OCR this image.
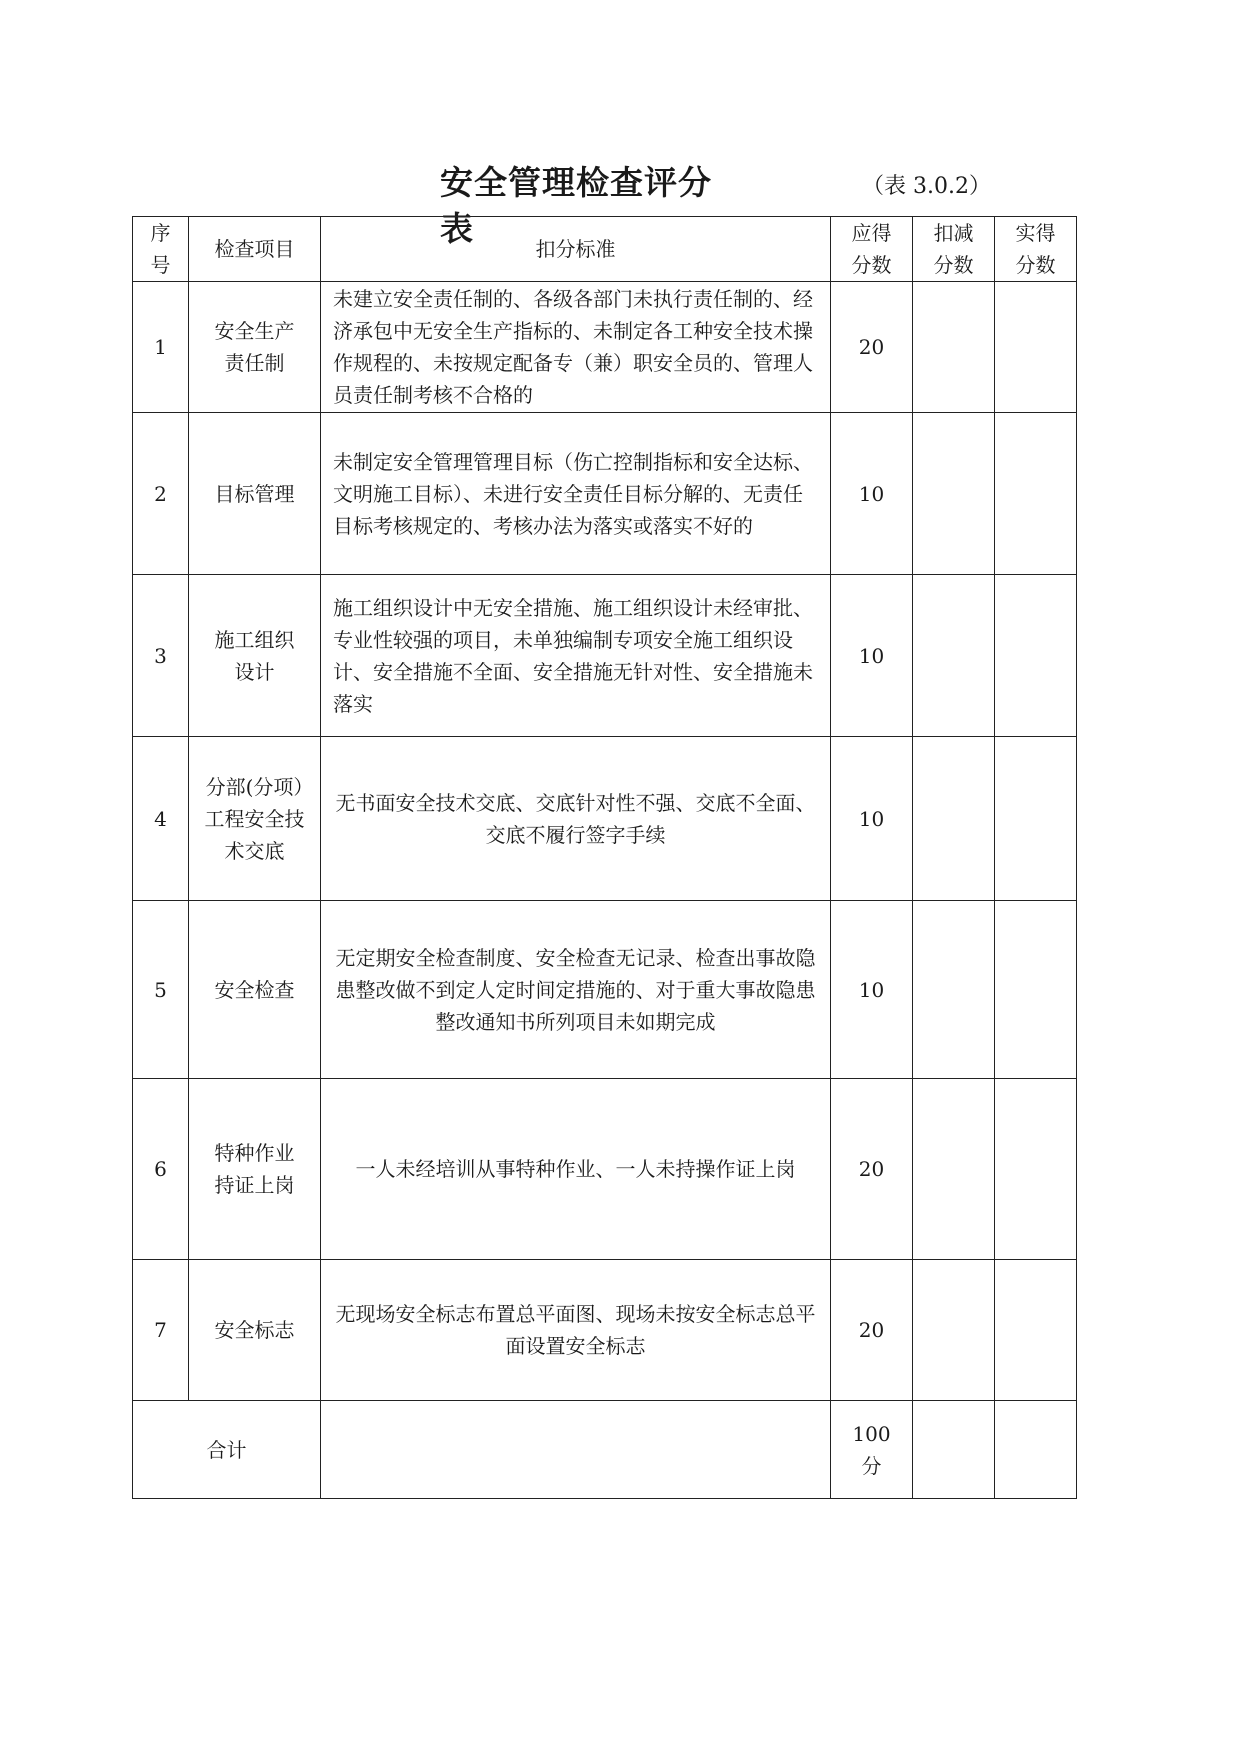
安全管理检查评分表
（表 3.0.2）
序号	检查项目	扣分标准	应得分数	扣减分数	实得分数
1	安全生产责任制	未建立安全责任制的、各级各部门未执行责任制的、经济承包中无安全生产指标的、未制定各工种安全技术操作规程的、未按规定配备专（兼）职安全员的、管理人员责任制考核不合格的	20		
2	目标管理	未制定安全管理管理目标（伤亡控制指标和安全达标、文明施工目标）、未进行安全责任目标分解的、无责任目标考核规定的、考核办法为落实或落实不好的	10		
3	施工组织设计	施工组织设计中无安全措施、施工组织设计未经审批、专业性较强的项目，未单独编制专项安全施工组织设计、安全措施不全面、安全措施无针对性、安全措施未落实	10		
4	分部(分项）工程安全技术交底	无书面安全技术交底、交底针对性不强、交底不全面、交底不履行签字手续	10		
5	安全检查	无定期安全检查制度、安全检查无记录、检查出事故隐患整改做不到定人定时间定措施的、对于重大事故隐患整改通知书所列项目未如期完成	10		
6	特种作业持证上岗	一人未经培训从事特种作业、一人未持操作证上岗	20		
7	安全标志	无现场安全标志布置总平面图、现场未按安全标志总平面设置安全标志	20		
合计			100分		
